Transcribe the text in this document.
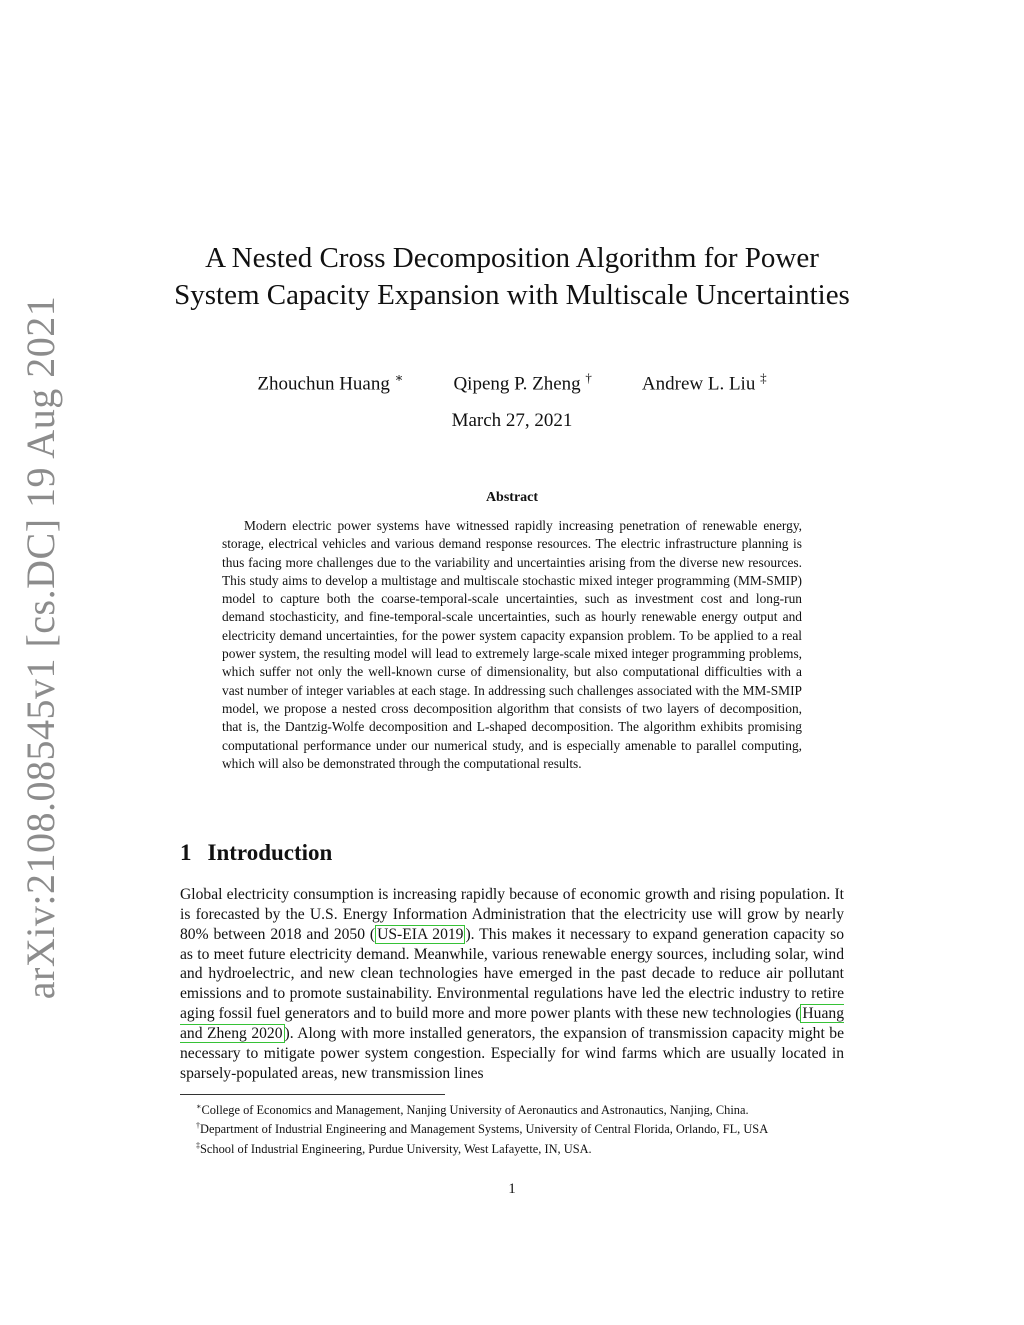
arXiv:2108.08545v1 [cs.DC] 19 Aug 2021
A Nested Cross Decomposition Algorithm for Power System Capacity Expansion with Multiscale Uncertainties
Zhouchun Huang ∗	Qipeng P. Zheng †	Andrew L. Liu ‡
March 27, 2021
Abstract

Modern electric power systems have witnessed rapidly increasing penetration of renewable energy, storage, electrical vehicles and various demand response resources. The electric infrastructure planning is thus facing more challenges due to the variability and uncertainties arising from the diverse new resources. This study aims to develop a multistage and multiscale stochastic mixed integer programming (MM-SMIP) model to capture both the coarse-temporal-scale uncertainties, such as investment cost and long-run demand stochasticity, and fine-temporal-scale uncertainties, such as hourly renewable energy output and electricity demand uncertainties, for the power system capacity expansion problem. To be applied to a real power system, the resulting model will lead to extremely large-scale mixed integer programming problems, which suffer not only the well-known curse of dimensionality, but also computational difficulties with a vast number of integer variables at each stage. In addressing such challenges associated with the MM-SMIP model, we propose a nested cross decomposition algorithm that consists of two layers of decomposition, that is, the Dantzig-Wolfe decomposition and L-shaped decomposition. The algorithm exhibits promising computational performance under our numerical study, and is especially amenable to parallel computing, which will also be demonstrated through the computational results.

1 Introduction

Global electricity consumption is increasing rapidly because of economic growth and rising population. It is forecasted by the U.S. Energy Information Administration that the electricity use will grow by nearly 80% between 2018 and 2050 ( US-EIA 2019 ). This makes it necessary to expand generation capacity so as to meet future electricity demand. Meanwhile, various renewable energy sources, including solar, wind and hydroelectric, and new clean technologies have emerged in the past decade to reduce air pollutant emissions and to promote sustainability. Environmental regulations have led the electric industry to retire aging fossil fuel generators and to build more and more power plants with these new technologies ( Huang and Zheng 2020 ). Along with more installed generators, the expansion of transmission capacity might be necessary to mitigate power system congestion. Especially for wind farms which are usually located in sparsely-populated areas, new transmission lines

∗College of Economics and Management, Nanjing University of Aeronautics and Astronautics, Nanjing, China.
†Department of Industrial Engineering and Management Systems, University of Central Florida, Orlando, FL, USA
‡School of Industrial Engineering, Purdue University, West Lafayette, IN, USA.
1
